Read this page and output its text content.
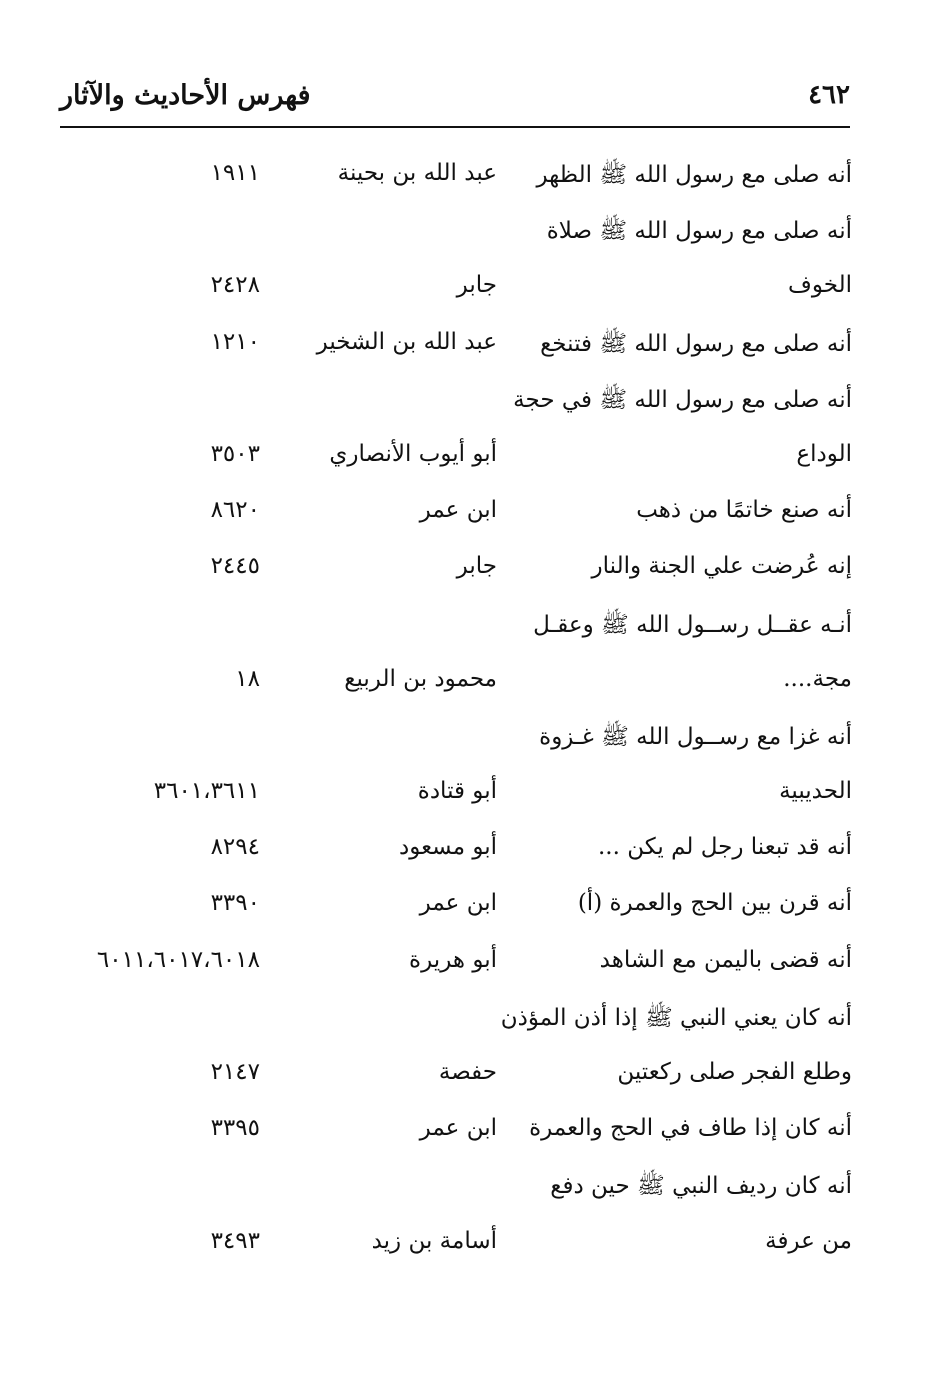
٤٦٢
فهرس الأحاديث والآثار
أنه صلى مع رسول الله ﷺ الظهر
عبد الله بن بحينة
١٩١١
أنه صلى مع رسول الله ﷺ صلاة
الخوف
جابر
٢٤٢٨
أنه صلى مع رسول الله ﷺ فتنخع
عبد الله بن الشخير
١٢١٠
أنه صلى مع رسول الله ﷺ في حجة
الوداع
أبو أيوب الأنصاري
٣٥٠٣
أنه صنع خاتمًا من ذهب
ابن عمر
٨٦٢٠
إنه عُرضت علي الجنة والنار
جابر
٢٤٤٥
أنـه عقــل رســول الله ﷺ وعقـل
مجة....
محمود بن الربيع
١٨
أنه غزا مع رســول الله ﷺ غـزوة
الحديبية
أبو قتادة
٣٦٠١،٣٦١١
أنه قد تبعنا رجل لم يكن ...
أبو مسعود
٨٢٩٤
أنه قرن بين الحج والعمرة (أ)
ابن عمر
٣٣٩٠
أنه قضى باليمن مع الشاهد
أبو هريرة
٦٠١١،٦٠١٧،٦٠١٨
أنه كان يعني النبي ﷺ إذا أذن المؤذن
وطلع الفجر صلى ركعتين
حفصة
٢١٤٧
أنه كان إذا طاف في الحج والعمرة
ابن عمر
٣٣٩٥
أنه كان رديف النبي ﷺ حين دفع
من عرفة
أسامة بن زيد
٣٤٩٣
